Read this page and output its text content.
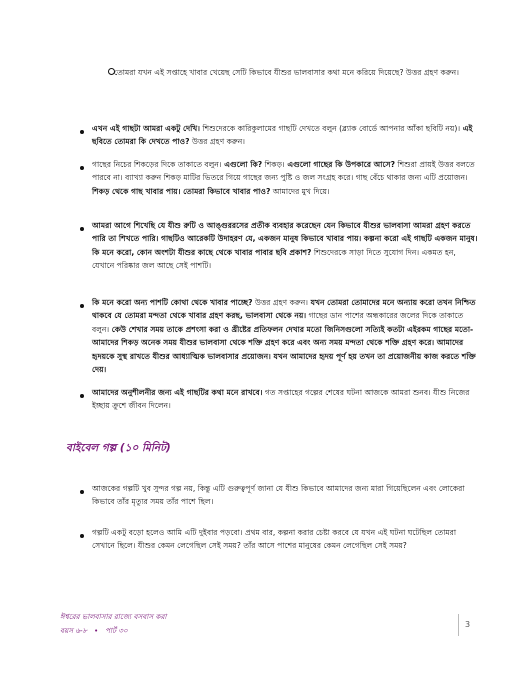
তোমরা যখন এই সপ্তাহে খাবার খেয়েছ সেটি কিভাবে যীশুর ভালবাসার কথা মনে করিয়ে দিয়েছে? উত্তর গ্রহণ করুন।
এখন এই গাছটা আমরা একটু দেখি। শিশুদেরকে কারিকুলামের গাছটি দেখতে বলুন (ব্ল্যাক বোর্ডে আপনার আঁকা ছবিটি নয়)। এই ছবিতে তোমরা কি দেখতে পাও? উত্তর গ্রহণ করুন।
গাছের নিচের শিকড়ের দিকে তাকাতে বলুন। এগুলো কি? শিকড়। এগুলো গাছের কি উপকারে আসে? শিশুরা প্রায়ই উত্তর বলতে পারবে না। ব্যাখ্যা করুন শিকড় মাটির ভিতরে গিয়ে গাছের জন্য পুষ্টি ও জল সংগ্রহ করে। গাছ বেঁচে থাকার জন্য এটি প্রয়োজন। শিকড় থেকে গাছ খাবার পায়। তোমরা কিভাবে খাবার পাও? আমাদের মুখ দিয়ে।
আমরা আগে শিখেছি যে যীশু রুটি ও আঙ্গুররসের প্রতীক ব্যবহার করেছেন যেন কিভাবে যীশুর ভালবাসা আমরা গ্রহণ করতে পারি তা শিখতে পারি। গাছটিও আরেকটি উদাহরণ যে, একজন মানুষ কিভাবে খাবার পায়। কল্পনা করো এই গাছটি একজন মানুষ। কি মনে করো, কোন অংশটা যীশুর কাছে থেকে খাবার পাবার ছবি প্রকাশ? শিশুদেরকে সাড়া দিতে সুযোগ দিন। একমত হন, যেখানে পরিষ্কার জল আছে সেই পাশটি।
কি মনে করো অন্য পাশটি কোথা থেকে খাবার পাচ্ছে? উত্তর গ্রহণ করুন। যখন তোমরা তোমাদের মনে অন্যায় করো তখন নিশ্চিত থাকবে যে তোমরা মন্দতা থেকে খাবার গ্রহণ করছ, ভালবাসা থেকে নয়। গাছের ডান পাশের অন্ধকারের জলের দিকে তাকাতে বলুন। কেউ শেখার সময় তাকে প্রশংসা করা ও খ্রীষ্টের প্রতিফলন দেখার মতো জিনিসগুলো সত্যিই কতটা এইরকম গাছের মতো- আমাদের শিকড় অনেক সময় যীশুর ভালবাসা থেকে শক্তি গ্রহণ করে এবং অন্য সময় মন্দতা থেকে শক্তি গ্রহণ করে। আমাদের হৃদয়কে সুস্থ রাখতে যীশুর আধ্যাত্মিক ভালবাসার প্রয়োজন। যখন আমাদের হৃদয় পূর্ণ হয় তখন তা প্রয়োজনীয় কাজ করতে শক্তি দেয়।
আমাদের অনুশীলনীর জন্য এই গাছটির কথা মনে রাখবে। গত সপ্তাহের গল্পের শেষের ঘটনা আজকে আমরা শুনব। যীশু নিজের ইচ্ছায় ক্রুশে জীবন দিলেন।
বাইবেল গল্প (১০ মিনিট)
আজকের গল্পটি খুব সুন্দর গল্প নয়, কিন্তু এটি গুরুত্বপূর্ণ জানা যে যীশু কিভাবে আমাদের জন্য মারা গিয়েছিলেন এবং লোকেরা কিভাবে তাঁর মৃত্যুর সময় তাঁর পাশে ছিল।
গল্পটি একটু বড়ো হলেও আমি এটি দুইবার পড়বো। প্রথম বার, কল্পনা করার চেষ্টা করবে যে যখন এই ঘটনা ঘটেছিল তোমরা সেখানে ছিলে। যীশুর কেমন লেগেছিল সেই সময়? তাঁর আসে পাশের মানুষের কেমন লেগেছিল সেই সময়?
ঈশ্বরের ভালবাসার রাজ্যে বসবাস করা
বয়স ৬-৮   •   পার্ট ৩০
3
